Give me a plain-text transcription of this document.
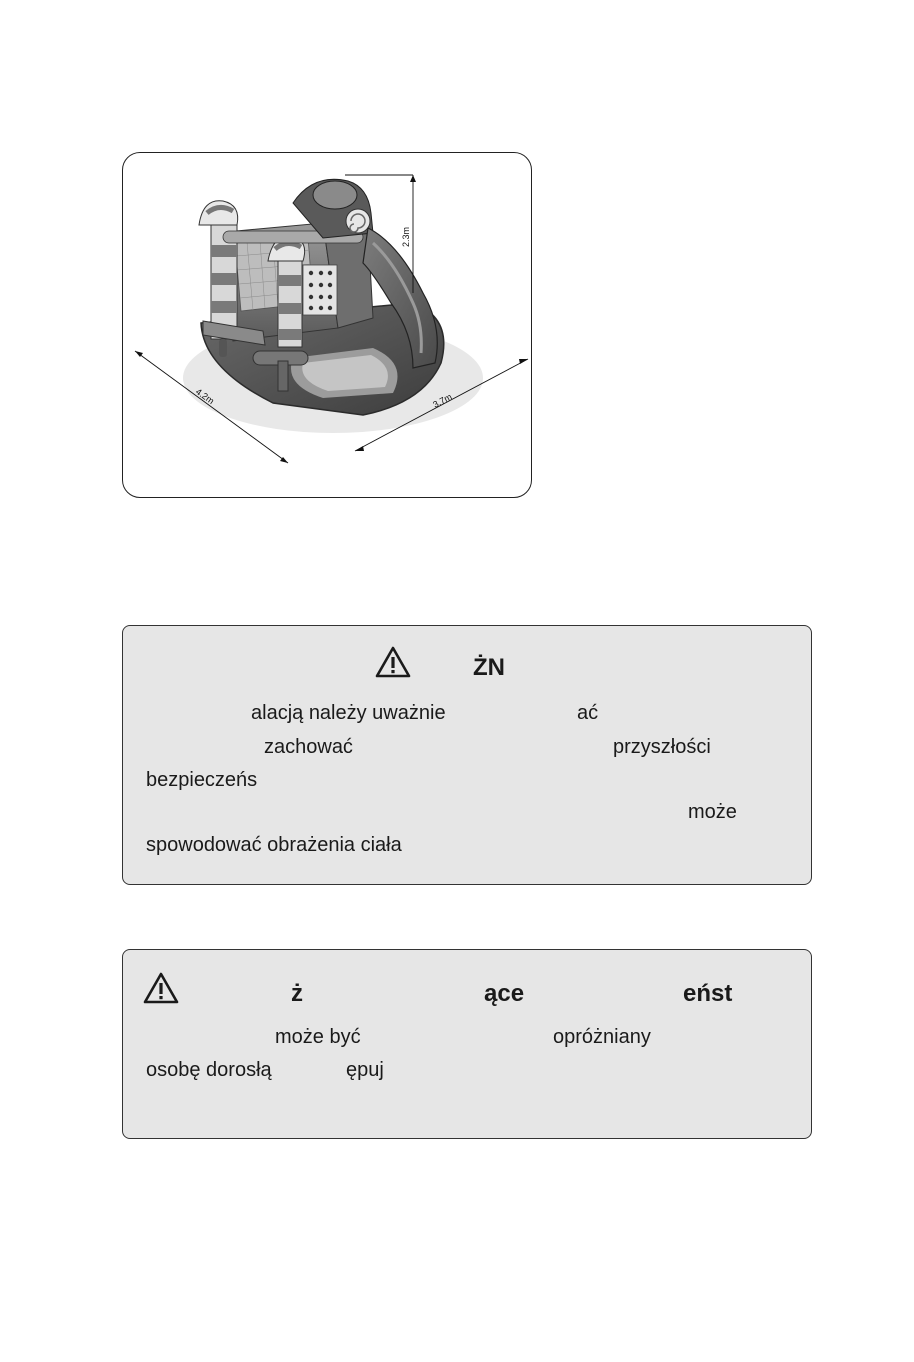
4.2m	3.7m
2.3m
ŻN
alacją należy uważnie	ać
zachować	przyszłości
bezpieczeńs
może
spowodować obrażenia ciała
ż	ące	eńst
może być	opróżniany
osobę dorosłą	ępuj
